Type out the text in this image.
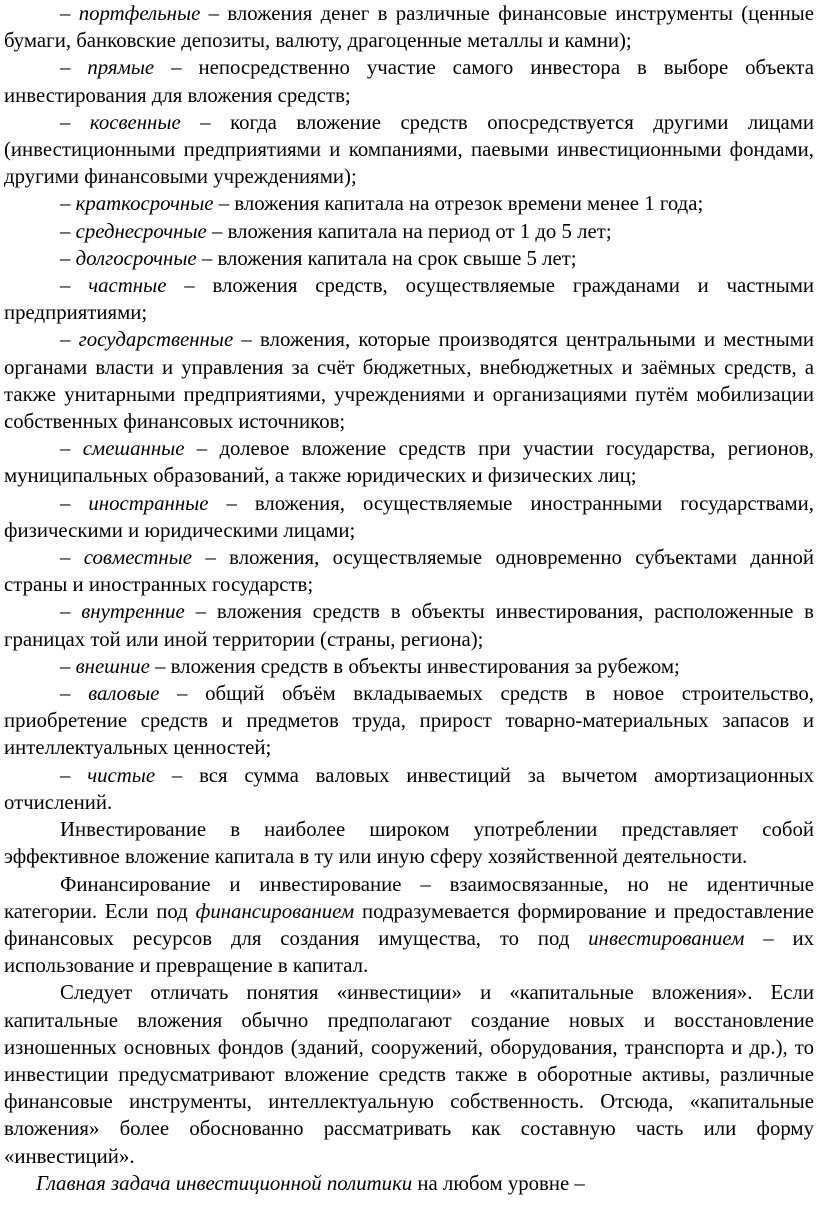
– портфельные – вложения денег в различные финансовые инструменты (ценные бумаги, банковские депозиты, валюту, драгоценные металлы и камни);

– прямые – непосредственно участие самого инвестора в выборе объекта инвестирования для вложения средств;

– косвенные – когда вложение средств опосредствуется другими лицами (инвестиционными предприятиями и компаниями, паевыми инвестиционными фондами, другими финансовыми учреждениями);

– краткосрочные – вложения капитала на отрезок времени менее 1 года;

– среднесрочные – вложения капитала на период от 1 до 5 лет;

– долгосрочные – вложения капитала на срок свыше 5 лет;

– частные – вложения средств, осуществляемые гражданами и частными предприятиями;

– государственные – вложения, которые производятся центральными и местными органами власти и управления за счёт бюджетных, внебюджетных и заёмных средств, а также унитарными предприятиями, учреждениями и организациями путём мобилизации собственных финансовых источников;

– смешанные – долевое вложение средств при участии государства, регионов, муниципальных образований, а также юридических и физических лиц;

– иностранные – вложения, осуществляемые иностранными государствами, физическими и юридическими лицами;

– совместные – вложения, осуществляемые одновременно субъектами данной страны и иностранных государств;

– внутренние – вложения средств в объекты инвестирования, расположенные в границах той или иной территории (страны, региона);

– внешние – вложения средств в объекты инвестирования за рубежом;

– валовые – общий объём вкладываемых средств в новое строительство, приобретение средств и предметов труда, прирост товарно-материальных запасов и интеллектуальных ценностей;

– чистые – вся сумма валовых инвестиций за вычетом амортизационных отчислений.

Инвестирование в наиболее широком употреблении представляет собой эффективное вложение капитала в ту или иную сферу хозяйственной деятельности.

Финансирование и инвестирование – взаимосвязанные, но не идентичные категории. Если под финансированием подразумевается формирование и предоставление финансовых ресурсов для создания имущества, то под инвестированием – их использование и превращение в капитал.

Следует отличать понятия «инвестиции» и «капитальные вложения». Если капитальные вложения обычно предполагают создание новых и восстановление изношенных основных фондов (зданий, сооружений, оборудования, транспорта и др.), то инвестиции предусматривают вложение средств также в оборотные активы, различные финансовые инструменты, интеллектуальную собственность. Отсюда, «капитальные вложения» более обоснованно рассматривать как составную часть или форму «инвестиций».

Главная задача инвестиционной политики на любом уровне –
